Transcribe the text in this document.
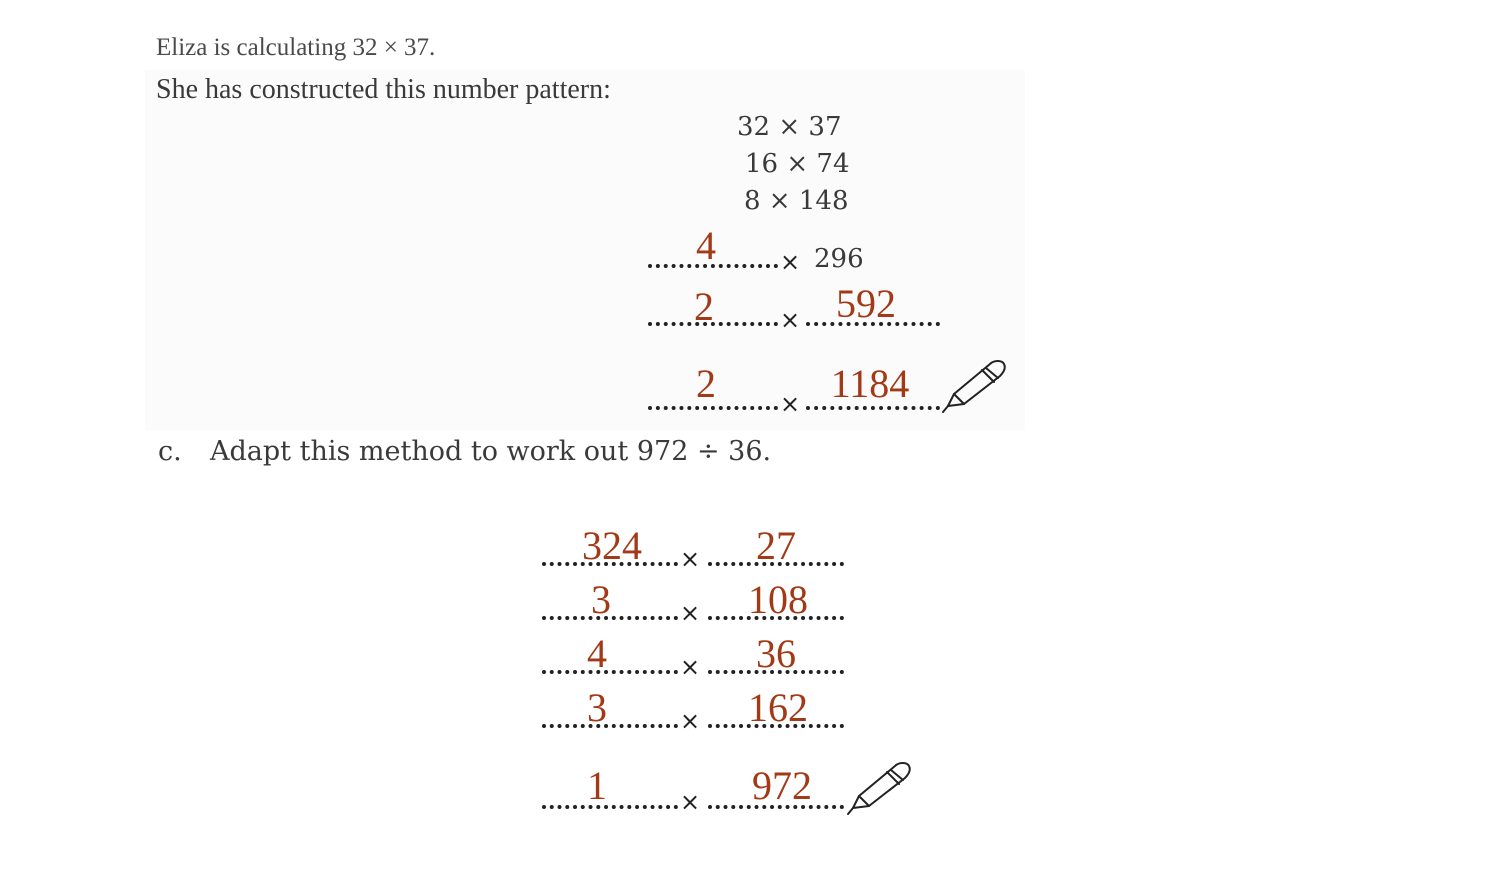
Eliza is calculating 32 × 37.
She has constructed this number pattern:
32 × 37
16 × 74
8 × 148
4	× 296
2	× 592
2	× 1184
c. Adapt this method to work out 972 ÷ 36.
324 × 27
3	× 108
4	× 36
3	× 162
1	× 972
